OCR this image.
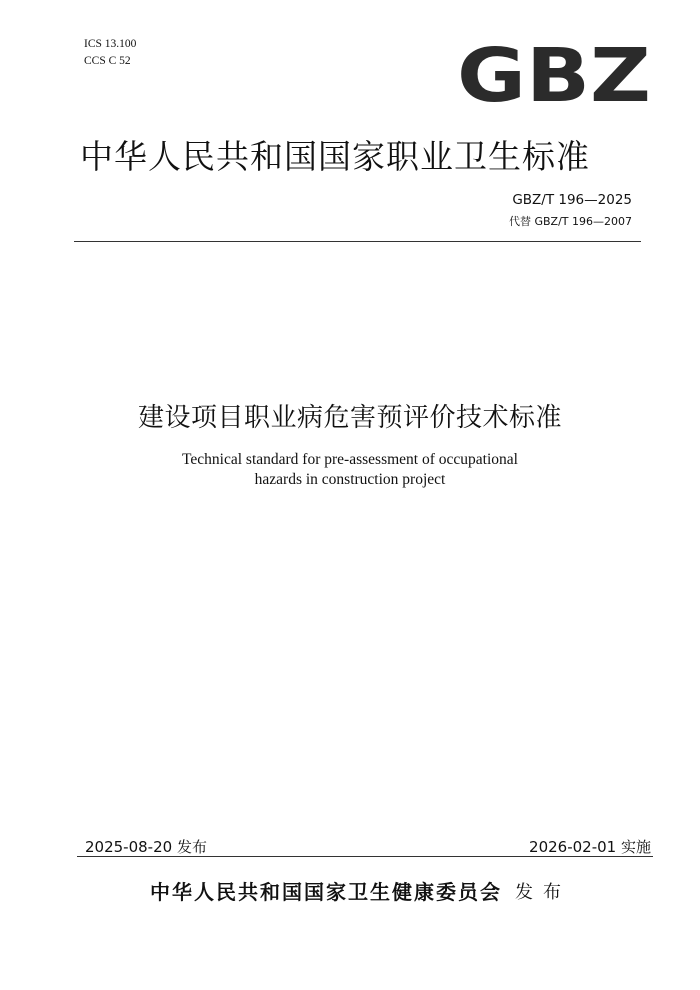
ICS 13.100
CCS C 52	GBZ
中华人民共和国国家职业卫生标准
GBZ/T 196—2025
代替 GBZ/T 196—2007
建设项目职业病危害预评价技术标准
Technical standard for pre-assessment of occupational
hazards in construction project
2025-08-20 发布	2026-02-01 实施
中华人民共和国国家卫生健康委员会 发布
